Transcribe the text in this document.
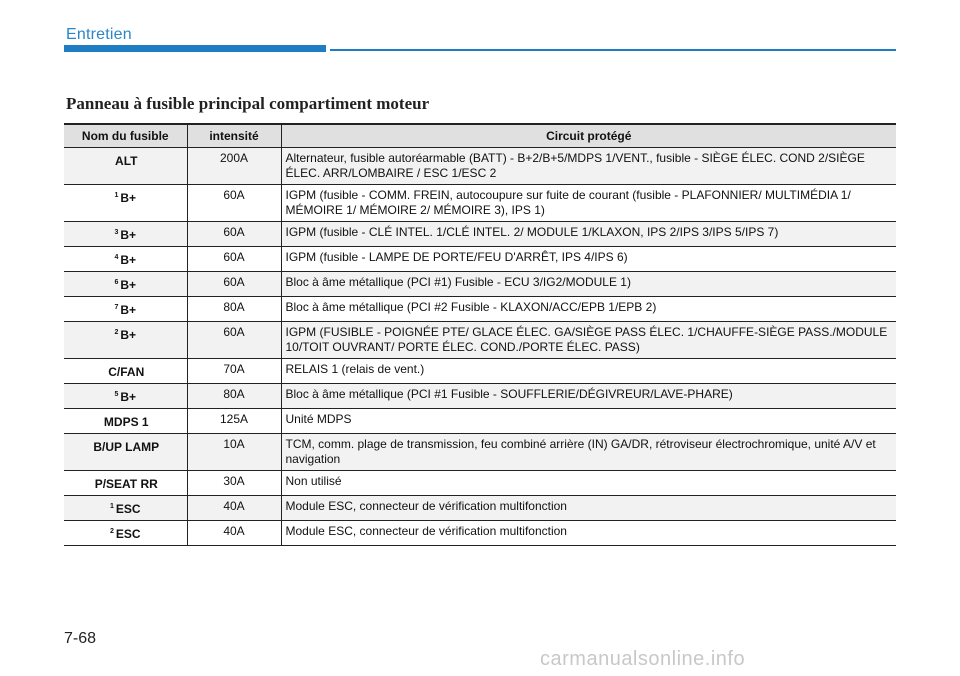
Entretien
Panneau à fusible principal compartiment moteur
Nom du fusible	intensité	Circuit protégé
ALT	200A	Alternateur, fusible autoréarmable (BATT) - B+2/B+5/MDPS 1/VENT., fusible - SIÈGE ÉLEC. COND 2/SIÈGE ÉLEC. ARR/LOMBAIRE / ESC 1/ESC 2
$^1$ B+	60A	IGPM (fusible - COMM. FREIN, autocoupure sur fuite de courant (fusible - PLAFONNIER/ MULTIMÉDIA 1/ MÉMOIRE 1/ MÉMOIRE 2/ MÉMOIRE 3), IPS 1)
$^3$ B+	60A	IGPM (fusible - CLÉ INTEL. 1/CLÉ INTEL. 2/ MODULE 1/KLAXON, IPS 2/IPS 3/IPS 5/IPS 7)
$^4$ B+	60A	IGPM (fusible - LAMPE DE PORTE/FEU D'ARRÊT, IPS 4/IPS 6)
$^6$ B+	60A	Bloc à âme métallique (PCI #1) Fusible - ECU 3/IG2/MODULE 1)
$^7$ B+	80A	Bloc à âme métallique (PCI #2 Fusible - KLAXON/ACC/EPB 1/EPB 2)
$^2$ B+	60A	IGPM (FUSIBLE - POIGNÉE PTE/ GLACE ÉLEC. GA/SIÈGE PASS ÉLEC. 1/CHAUFFE-SIÈGE PASS./MODULE 10/TOIT OUVRANT/ PORTE ÉLEC. COND./PORTE ÉLEC. PASS)
C/FAN	70A	RELAIS 1 (relais de vent.)
$^5$ B+	80A	Bloc à âme métallique (PCI #1 Fusible - SOUFFLERIE/DÉGIVREUR/LAVE-PHARE)
MDPS 1	125A	Unité MDPS
B/UP LAMP	10A	TCM, comm. plage de transmission, feu combiné arrière (IN) GA/DR, rétroviseur électrochromique, unité A/V et navigation
P/SEAT RR	30A	Non utilisé
$^1$ ESC	40A	Module ESC, connecteur de vérification multifonction
$^2$ ESC	40A	Module ESC, connecteur de vérification multifonction
7-68
carmanualsonline.info
